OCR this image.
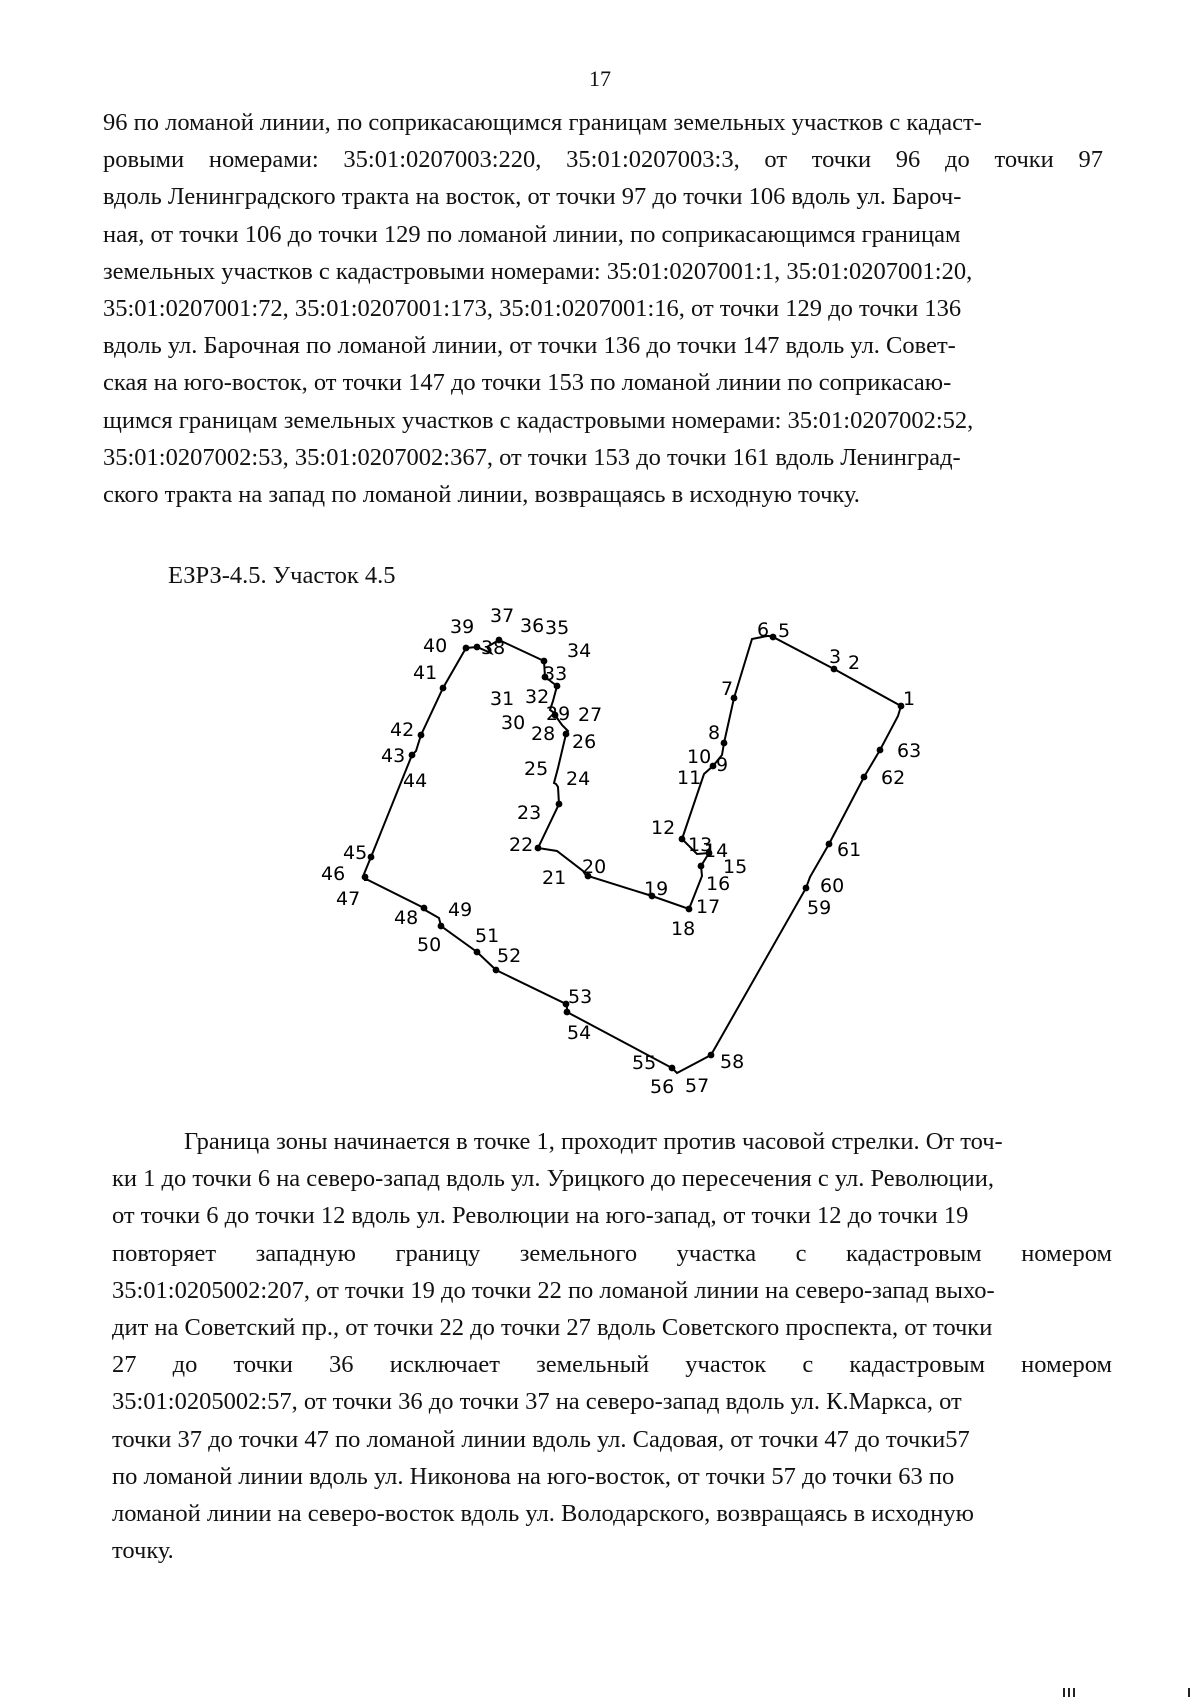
17
96 по ломаной линии, по соприкасающимся границам земельных участков с кадаст-
ровыми номерами: 35:01:0207003:220, 35:01:0207003:3, от точки 96 до точки 97
вдоль Ленинградского тракта на восток, от точки 97 до точки 106 вдоль ул. Бароч-
ная, от точки 106 до точки 129 по ломаной линии, по соприкасающимся границам
земельных участков с кадастровыми номерами: 35:01:0207001:1, 35:01:0207001:20,
35:01:0207001:72, 35:01:0207001:173, 35:01:0207001:16, от точки 129 до точки 136
вдоль ул. Барочная по ломаной линии, от точки 136 до точки 147 вдоль ул. Совет-
ская на юго-восток, от точки 147 до точки 153 по ломаной линии по соприкасаю-
щимся границам земельных участков с кадастровыми номерами: 35:01:0207002:52,
35:01:0207002:53, 35:01:0207002:367, от точки 153 до точки 161 вдоль Ленинград-
ского тракта на запад по ломаной линии, возвращаясь в исходную точку.
ЕЗРЗ-4.5. Участок 4.5
1
3 2
6 5
7
8
10 9
11
12
13
14
15
16
17
18
19
20
21
22
23
24
25
26
27
28
29
30
31 32
33
34
35
36
37
38
39
40
41
42
43
44
45
46
47
48 49
50 51
52
53
54
55
56 57
58
59
60
61
62
63
Граница зоны начинается в точке 1, проходит против часовой стрелки. От точ-
ки 1 до точки 6 на северо-запад вдоль ул. Урицкого до пересечения с ул. Революции,
от точки 6 до точки 12 вдоль ул. Революции на юго-запад, от точки 12 до точки 19
повторяет западную границу земельного участка с кадастровым номером
35:01:0205002:207, от точки 19 до точки 22 по ломаной линии на северо-запад выхо-
дит на Советский пр., от точки 22 до точки 27 вдоль Советского проспекта, от точки
27 до точки 36 исключает земельный участок с кадастровым номером
35:01:0205002:57, от точки 36 до точки 37 на северо-запад вдоль ул. К.Маркса, от
точки 37 до точки 47 по ломаной линии вдоль ул. Садовая, от точки 47 до точки57
по ломаной линии вдоль ул. Никонова на юго-восток, от точки 57 до точки 63 по
ломаной линии на северо-восток вдоль ул. Володарского, возвращаясь в исходную
точку.
